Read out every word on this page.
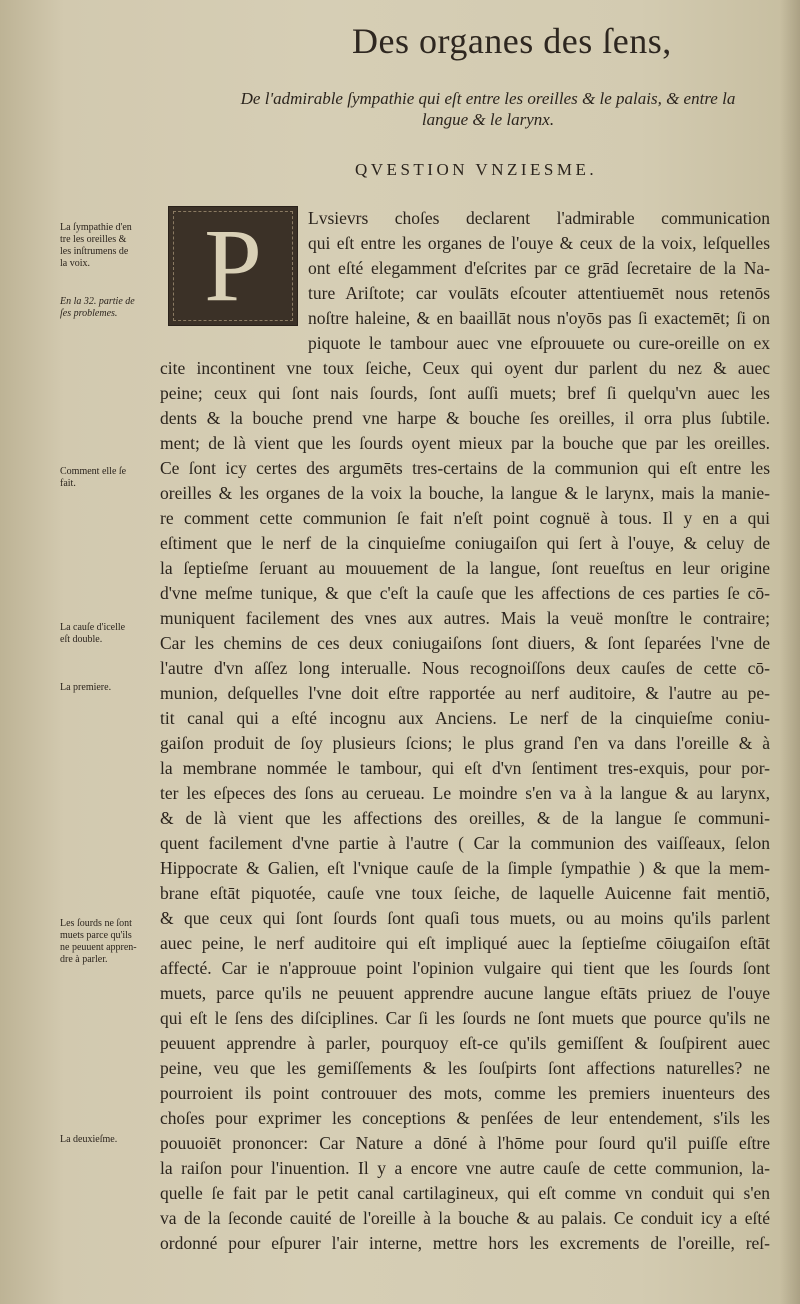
Des organes des ſens,
De l'admirable ſympathie qui eſt entre les oreilles & le palais, & entre la
langue & le larynx.
QVESTION VNZIESME.
La ſympathie d'en
tre les oreilles &
les inſtrumens de
la voix.
En la 32. partie de
ſes problemes.
Comment elle ſe
fait.
La cauſe d'icelle
eſt double.
La premiere.
Les ſourds ne ſont
muets parce qu'ils
ne peuuent appren-
dre à parler.
La deuxieſme.
P	Lvsievrs choſes declarent l'admirable communication
qui eſt entre les organes de l'ouye & ceux de la voix, leſquelles
ont eſté elegamment d'eſcrites par ce grād ſecretaire de la Na-
ture Ariſtote; car voulāts eſcouter attentiuemēt nous retenōs
noſtre haleine, & en baaillāt nous n'oyōs pas ſi exactemēt; ſi on
piquote le tambour auec vne eſprouuete ou cure-oreille on ex
cite incontinent vne toux ſeiche, Ceux qui oyent dur parlent du nez & auec
peine; ceux qui ſont nais ſourds, ſont auſſi muets; bref ſi quelqu'vn auec les
dents & la bouche prend vne harpe & bouche ſes oreilles, il orra plus ſubtile.
ment; de là vient que les ſourds oyent mieux par la bouche que par les oreilles.
Ce ſont icy certes des argumēts tres-certains de la communion qui eſt entre les
oreilles & les organes de la voix la bouche, la langue & le larynx, mais la manie-
re comment cette communion ſe fait n'eſt point cognuë à tous. Il y en a qui
eſtiment que le nerf de la cinquieſme coniugaiſon qui ſert à l'ouye, & celuy de
la ſeptieſme ſeruant au mouuement de la langue, ſont reueſtus en leur origine
d'vne meſme tunique, & que c'eſt la cauſe que les affections de ces parties ſe cō-
muniquent facilement des vnes aux autres. Mais la veuë monſtre le contraire;
Car les chemins de ces deux coniugaiſons ſont diuers, & ſont ſeparées l'vne de
l'autre d'vn aſſez long interualle. Nous recognoiſſons deux cauſes de cette cō-
munion, deſquelles l'vne doit eſtre rapportée au nerf auditoire, & l'autre au pe-
tit canal qui a eſté incognu aux Anciens. Le nerf de la cinquieſme coniu-
gaiſon produit de ſoy plusieurs ſcions; le plus grand ſ'en va dans l'oreille & à
la membrane nommée le tambour, qui eſt d'vn ſentiment tres-exquis, pour por-
ter les eſpeces des ſons au cerueau. Le moindre s'en va à la langue & au larynx,
& de là vient que les affections des oreilles, & de la langue ſe communi-
quent facilement d'vne partie à l'autre ( Car la communion des vaiſſeaux, ſelon
Hippocrate & Galien, eſt l'vnique cauſe de la ſimple ſympathie ) & que la mem-
brane eſtāt piquotée, cauſe vne toux ſeiche, de laquelle Auicenne fait mentiō,
& que ceux qui ſont ſourds ſont quaſi tous muets, ou au moins qu'ils parlent
auec peine, le nerf auditoire qui eſt impliqué auec la ſeptieſme cōiugaiſon eſtāt
affecté. Car ie n'approuue point l'opinion vulgaire qui tient que les ſourds ſont
muets, parce qu'ils ne peuuent apprendre aucune langue eſtāts priuez de l'ouye
qui eſt le ſens des diſciplines. Car ſi les ſourds ne ſont muets que pource qu'ils ne
peuuent apprendre à parler, pourquoy eſt-ce qu'ils gemiſſent & ſouſpirent auec
peine, veu que les gemiſſements & les ſouſpirts ſont affections naturelles? ne
pourroient ils point controuuer des mots, comme les premiers inuenteurs des
choſes pour exprimer les conceptions & penſées de leur entendement, s'ils les
pouuoiēt prononcer: Car Nature a dōné à l'hōme pour ſourd qu'il puiſſe eſtre
la raiſon pour l'inuention. Il y a encore vne autre cauſe de cette communion, la-
quelle ſe fait par le petit canal cartilagineux, qui eſt comme vn conduit qui s'en
va de la ſeconde cauité de l'oreille à la bouche & au palais. Ce conduit icy a eſté
ordonné pour eſpurer l'air interne, mettre hors les excrements de l'oreille, reſ-
